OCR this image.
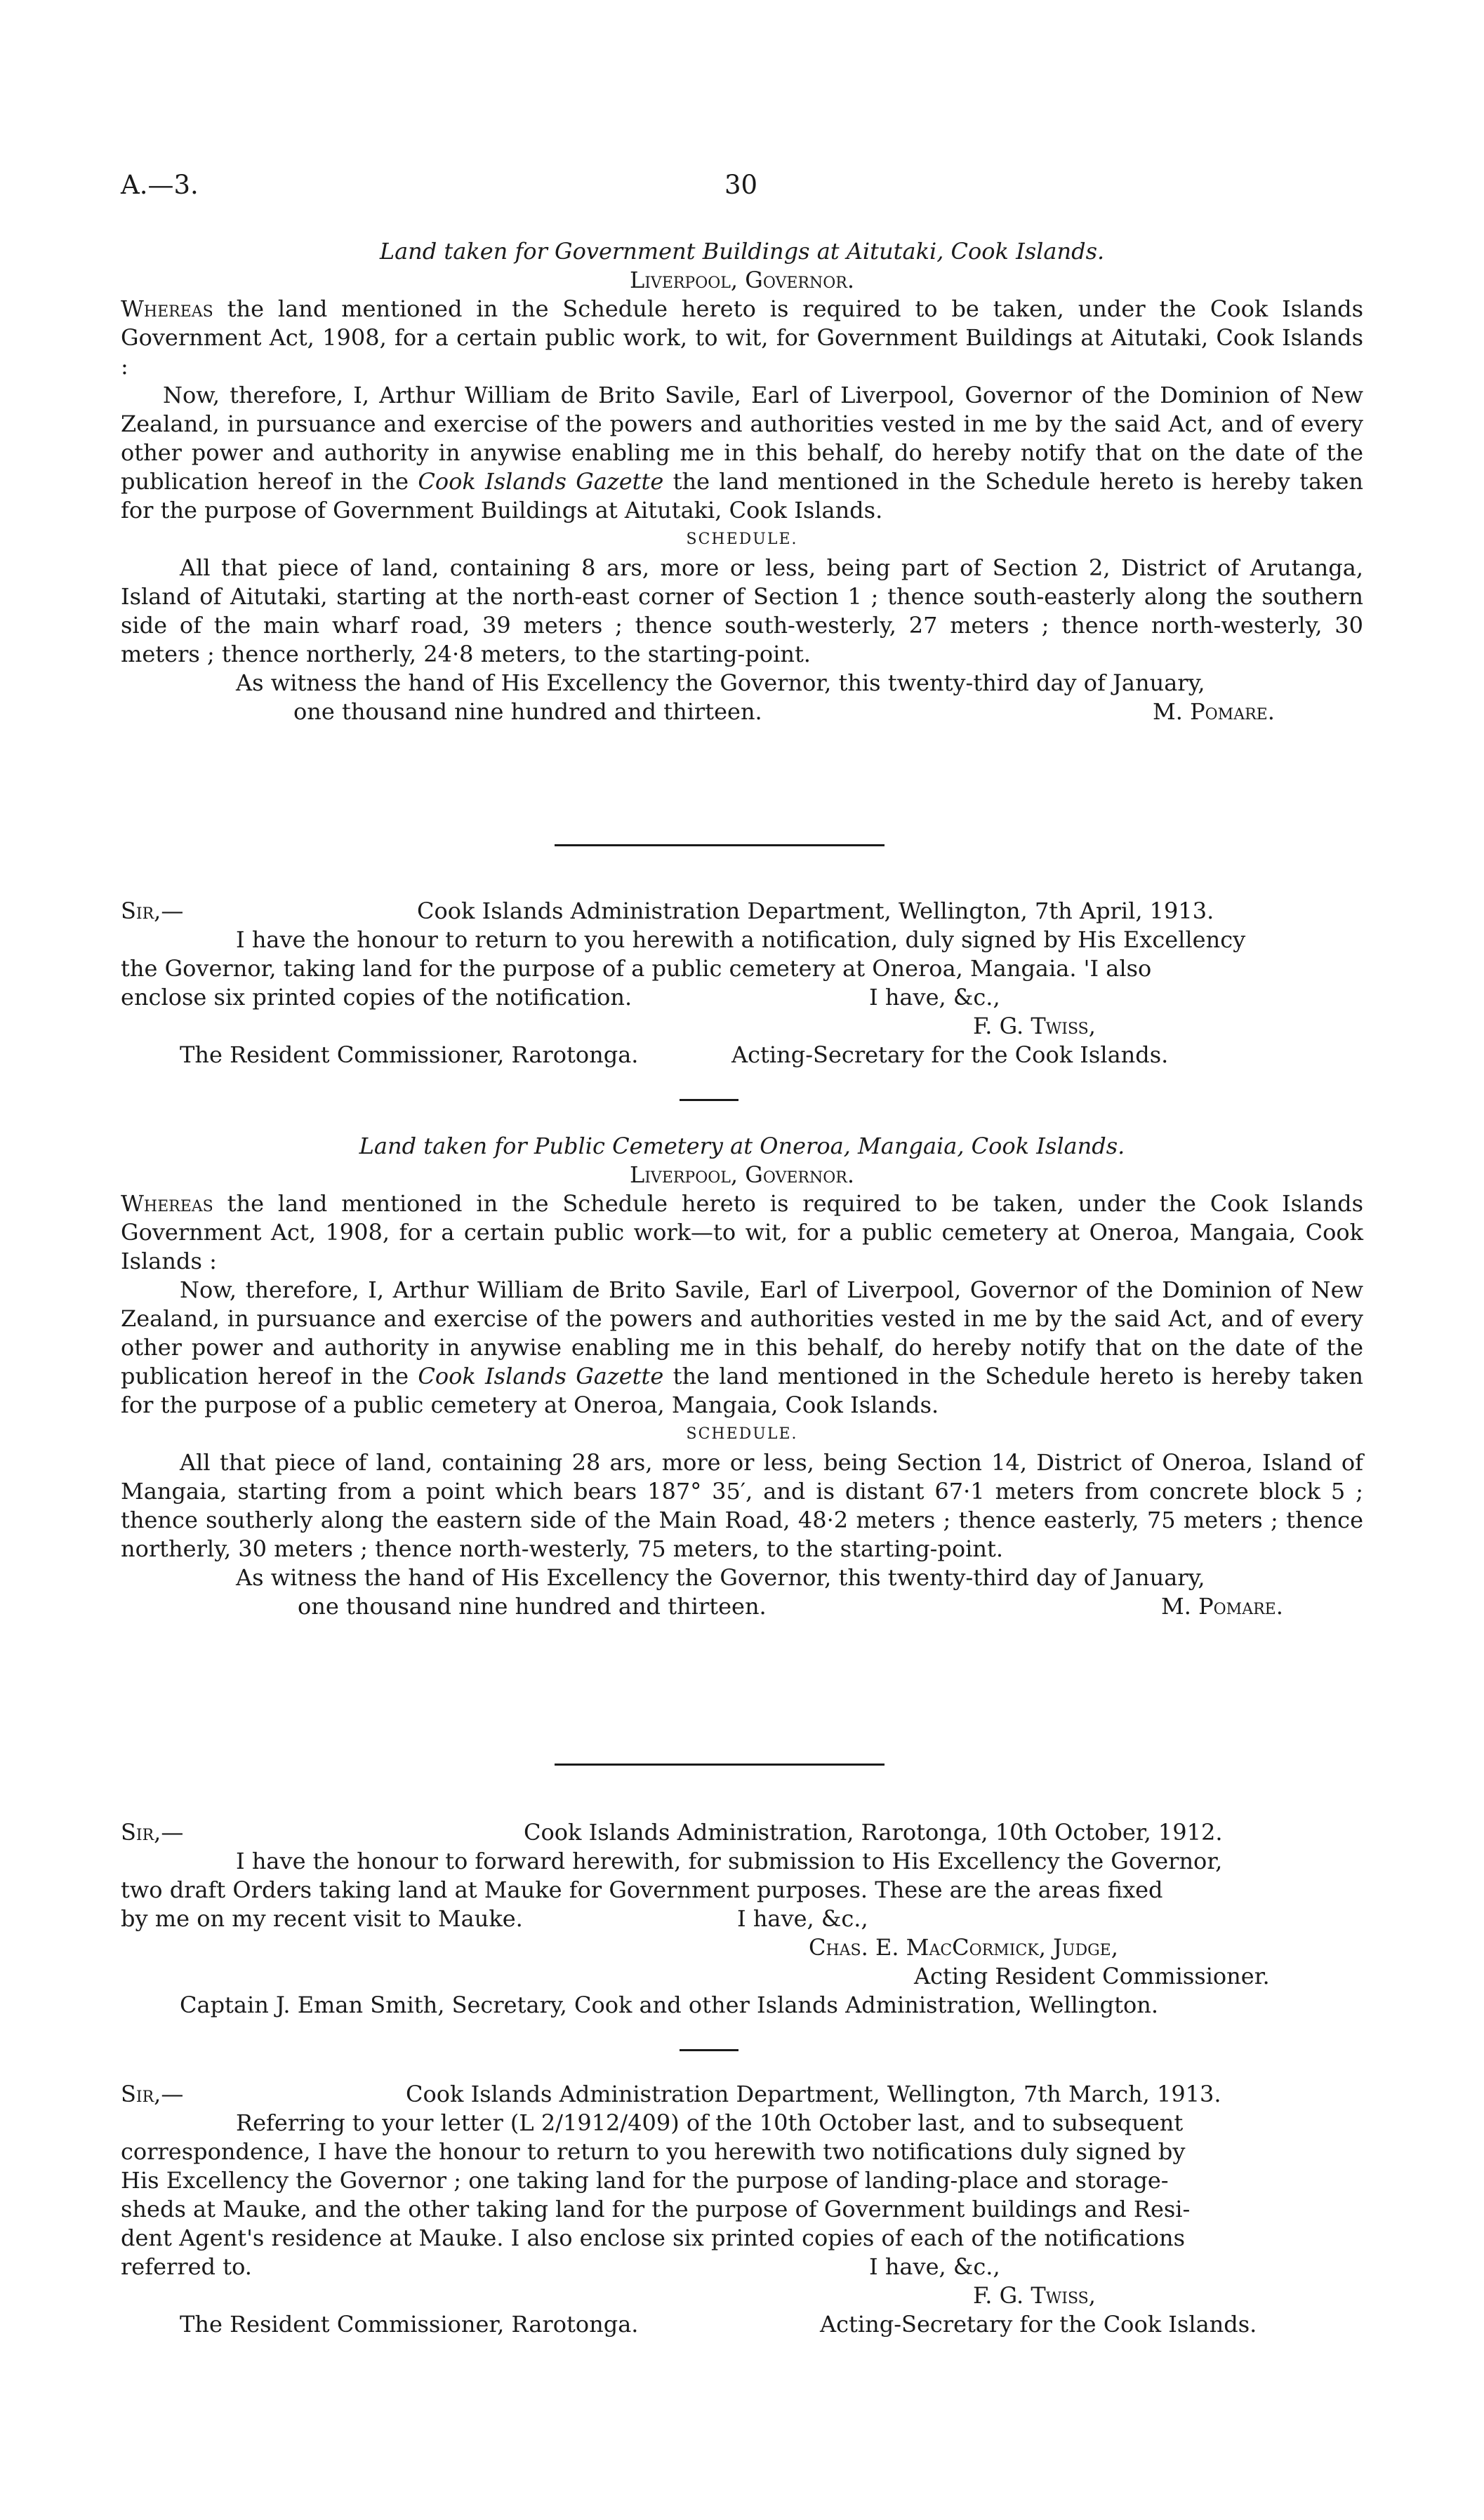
A.—3.	30

Land taken for Government Buildings at Aitutaki, Cook Islands.

Liverpool, Governor.

Whereas the land mentioned in the Schedule hereto is required to be taken, under the Cook Islands Government Act, 1908, for a certain public work, to wit, for Government Buildings at Aitutaki, Cook Islands :

Now, therefore, I, Arthur William de Brito Savile, Earl of Liverpool, Governor of the Dominion of New Zealand, in pursuance and exercise of the powers and authorities vested in me by the said Act, and of every other power and authority in anywise enabling me in this behalf, do hereby notify that on the date of the publication hereof in the Cook Islands Gazette the land mentioned in the Schedule hereto is hereby taken for the purpose of Government Buildings at Aitutaki, Cook Islands.

SCHEDULE.

All that piece of land, containing 8 ars, more or less, being part of Section 2, District of Arutanga, Island of Aitutaki, starting at the north-east corner of Section 1 ; thence south-easterly along the southern side of the main wharf road, 39 meters ; thence south-westerly, 27 meters ; thence north-westerly, 30 meters ; thence northerly, 24·8 meters, to the starting-point.

As witness the hand of His Excellency the Governor, this twenty-third day of January,

one thousand nine hundred and thirteen.	M. Pomare.
Sir,—	Cook Islands Administration Department, Wellington, 7th April, 1913.

I have the honour to return to you herewith a notification, duly signed by His Excellency

the Governor, taking land for the purpose of a public cemetery at Oneroa, Mangaia. 'I also

enclose six printed copies of the notification.	I have, &c.,
F. G. Twiss,
The Resident Commissioner, Rarotonga.	Acting-Secretary for the Cook Islands.

Land taken for Public Cemetery at Oneroa, Mangaia, Cook Islands.

Liverpool, Governor.

Whereas the land mentioned in the Schedule hereto is required to be taken, under the Cook Islands Government Act, 1908, for a certain public work—to wit, for a public cemetery at Oneroa, Mangaia, Cook Islands :

Now, therefore, I, Arthur William de Brito Savile, Earl of Liverpool, Governor of the Dominion of New Zealand, in pursuance and exercise of the powers and authorities vested in me by the said Act, and of every other power and authority in anywise enabling me in this behalf, do hereby notify that on the date of the publication hereof in the Cook Islands Gazette the land mentioned in the Schedule hereto is hereby taken for the purpose of a public cemetery at Oneroa, Mangaia, Cook Islands.

SCHEDULE.

All that piece of land, containing 28 ars, more or less, being Section 14, District of Oneroa, Island of Mangaia, starting from a point which bears 187° 35′, and is distant 67·1 meters from concrete block 5 ; thence southerly along the eastern side of the Main Road, 48·2 meters ; thence easterly, 75 meters ; thence northerly, 30 meters ; thence north-westerly, 75 meters, to the starting-point.

As witness the hand of His Excellency the Governor, this twenty-third day of January,

one thousand nine hundred and thirteen.	M. Pomare.
Sir,—	Cook Islands Administration, Rarotonga, 10th October, 1912.

I have the honour to forward herewith, for submission to His Excellency the Governor,

two draft Orders taking land at Mauke for Government purposes. These are the areas fixed

by me on my recent visit to Mauke.	I have, &c.,
Chas. E. MacCormick, Judge,
Acting Resident Commissioner.
Captain J. Eman Smith, Secretary, Cook and other Islands Administration, Wellington.
Sir,—	Cook Islands Administration Department, Wellington, 7th March, 1913.

Referring to your letter (L 2/1912/409) of the 10th October last, and to subsequent

correspondence, I have the honour to return to you herewith two notifications duly signed by

His Excellency the Governor ; one taking land for the purpose of landing-place and storage-

sheds at Mauke, and the other taking land for the purpose of Government buildings and Resi-

dent Agent's residence at Mauke. I also enclose six printed copies of each of the notifications

referred to.	I have, &c.,
F. G. Twiss,
The Resident Commissioner, Rarotonga.	Acting-Secretary for the Cook Islands.
